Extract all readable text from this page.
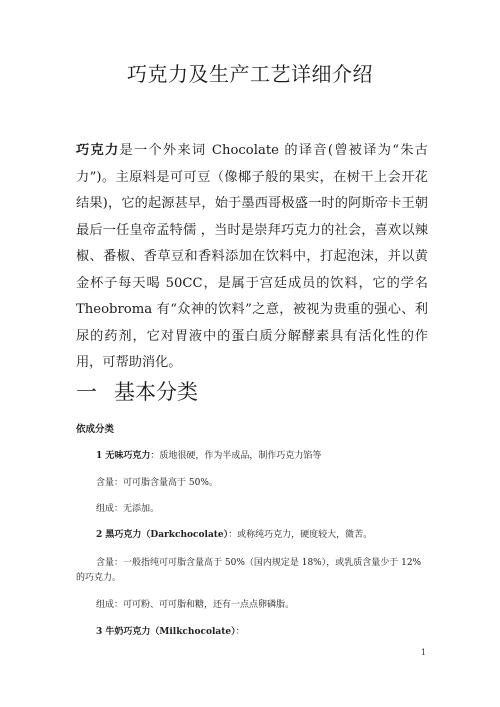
巧克力及生产工艺详细介绍
巧克力是一个外来词 Chocolate 的译音(曾被译为“朱古力”)。主原料是可可豆（像椰子般的果实，在树干上会开花结果)，它的起源甚早，始于墨西哥极盛一时的阿斯帝卡王朝最后一任皇帝孟特儒 ，当时是崇拜巧克力的社会，喜欢以辣椒、番椒、香草豆和香料添加在饮料中，打起泡沫，并以黄金杯子每天喝 50CC，是属于宫廷成员的饮料，它的学名 Theobroma 有“众神的饮料”之意，被视为贵重的强心、利尿的药剂，它对胃液中的蛋白质分解酵素具有活化性的作用，可帮助消化。
一 基本分类
依成分类
1 无味巧克力：质地很硬，作为半成品，制作巧克力馅等
含量：可可脂含量高于 50%。
组成：无添加。
2 黑巧克力（Darkchocolate）：或称纯巧克力，硬度较大，微苦。
含量：一般指纯可可脂含量高于 50%（国内规定是 18%），或乳质含量少于 12%的巧克力。
组成：可可粉、可可脂和糖，还有一点点卵磷脂。
3 牛奶巧克力（Milkchocolate）：
1
